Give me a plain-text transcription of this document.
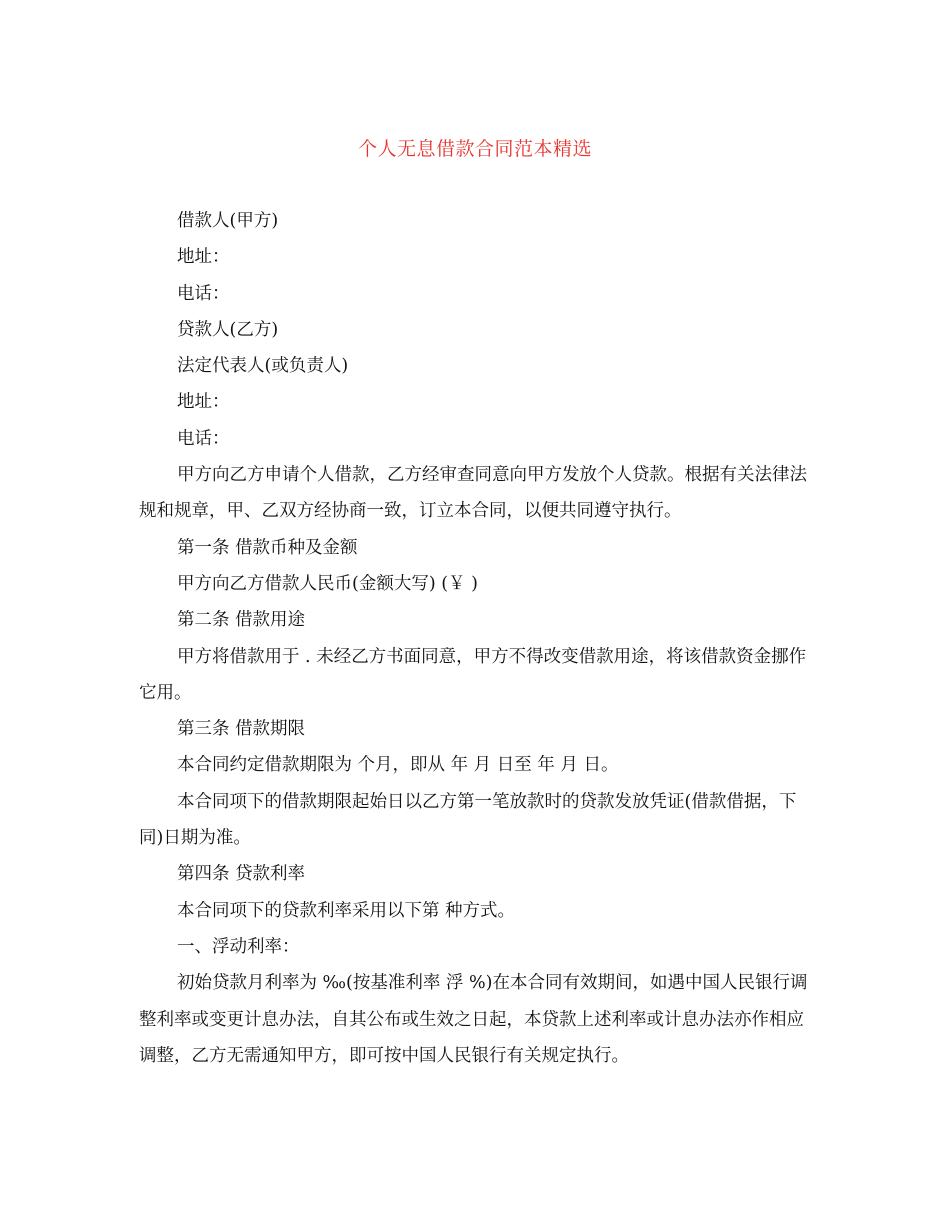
个人无息借款合同范本精选

借款人(甲方)

地址：

电话：

贷款人(乙方)

法定代表人(或负责人)

地址：

电话：

甲方向乙方申请个人借款，乙方经审查同意向甲方发放个人贷款。根据有关法律法规和规章，甲、乙双方经协商一致，订立本合同，以便共同遵守执行。

第一条 借款币种及金额

甲方向乙方借款人民币(金额大写) (￥ )

第二条 借款用途

甲方将借款用于 . 未经乙方书面同意，甲方不得改变借款用途，将该借款资金挪作它用。

第三条 借款期限

本合同约定借款期限为 个月，即从 年 月 日至 年 月 日。

本合同项下的借款期限起始日以乙方第一笔放款时的贷款发放凭证(借款借据，下同)日期为准。

第四条 贷款利率

本合同项下的贷款利率采用以下第 种方式。

一、浮动利率：

初始贷款月利率为 ‰(按基准利率 浮 %)在本合同有效期间，如遇中国人民银行调整利率或变更计息办法，自其公布或生效之日起，本贷款上述利率或计息办法亦作相应调整，乙方无需通知甲方，即可按中国人民银行有关规定执行。
